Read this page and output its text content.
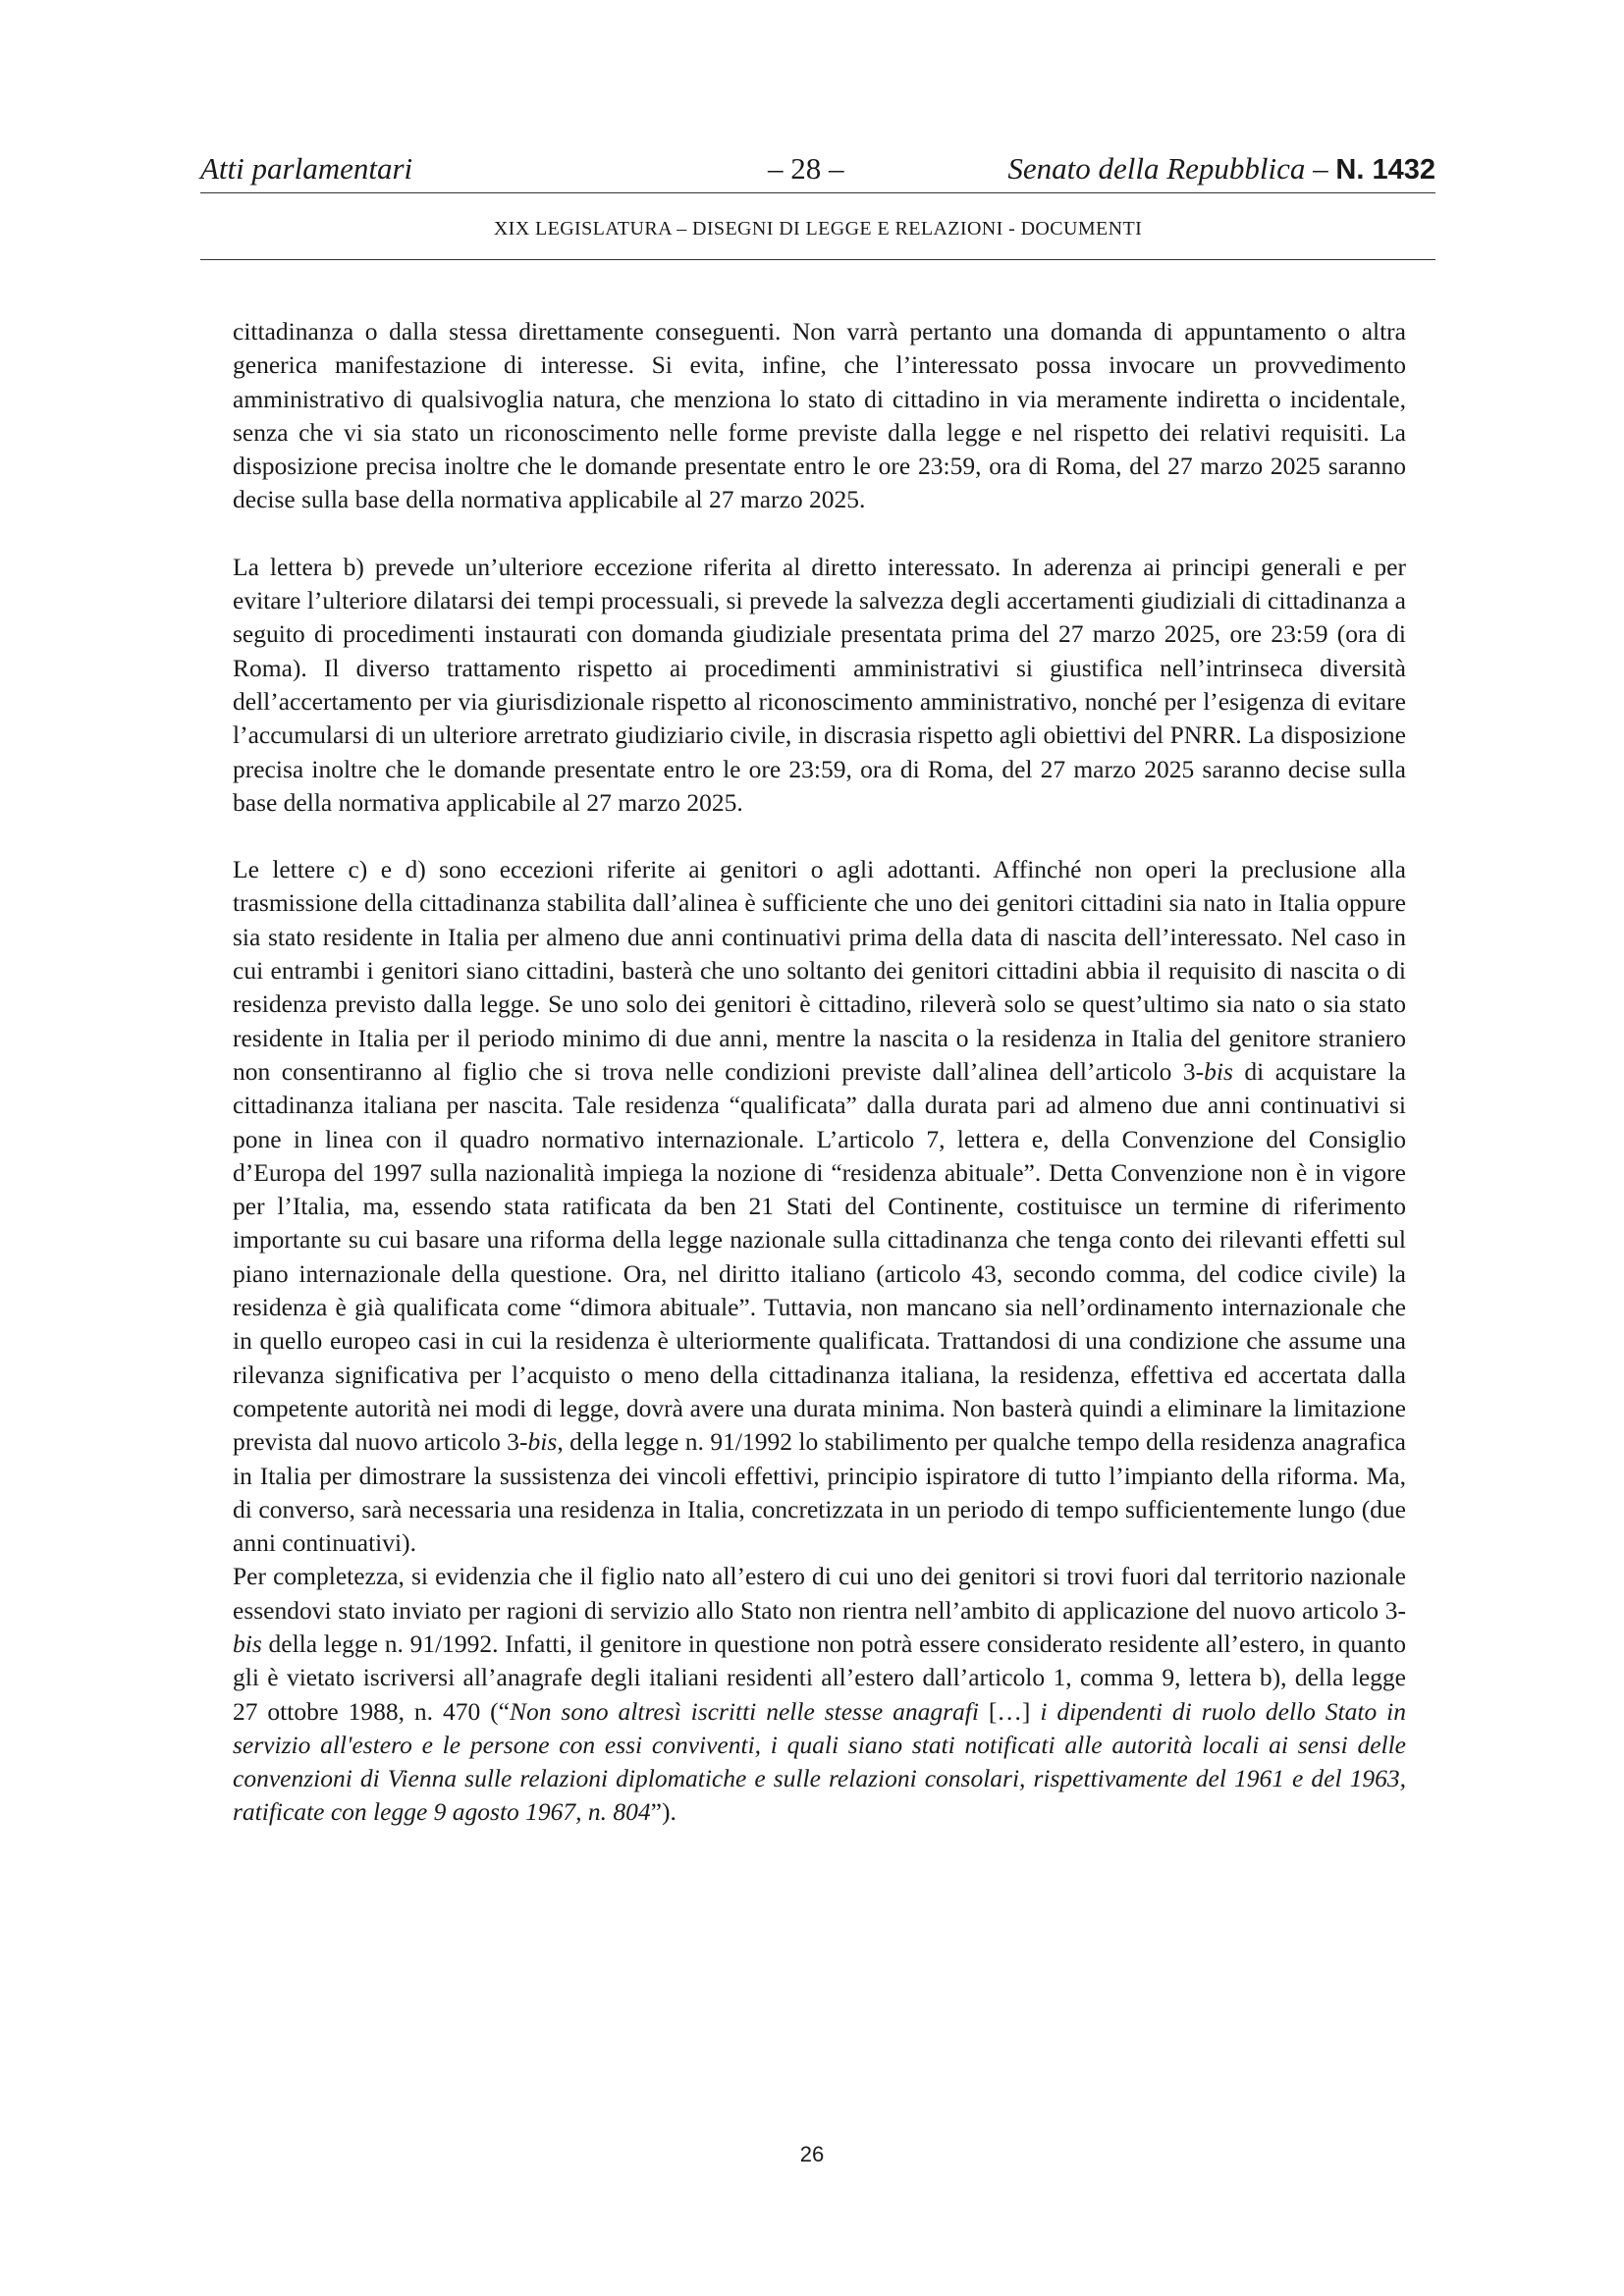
Atti parlamentari	– 28 –	Senato della Repubblica – N. 1432
XIX LEGISLATURA – DISEGNI DI LEGGE E RELAZIONI - DOCUMENTI

cittadinanza o dalla stessa direttamente conseguenti. Non varrà pertanto una domanda di appuntamento o altra generica manifestazione di interesse. Si evita, infine, che l’interessato possa invocare un provvedimento amministrativo di qualsivoglia natura, che menziona lo stato di cittadino in via meramente indiretta o incidentale, senza che vi sia stato un riconoscimento nelle forme previste dalla legge e nel rispetto dei relativi requisiti. La disposizione precisa inoltre che le domande presentate entro le ore 23:59, ora di Roma, del 27 marzo 2025 saranno decise sulla base della normativa applicabile al 27 marzo 2025.

La lettera b) prevede un’ulteriore eccezione riferita al diretto interessato. In aderenza ai principi generali e per evitare l’ulteriore dilatarsi dei tempi processuali, si prevede la salvezza degli accertamenti giudiziali di cittadinanza a seguito di procedimenti instaurati con domanda giudiziale presentata prima del 27 marzo 2025, ore 23:59 (ora di Roma). Il diverso trattamento rispetto ai procedimenti amministrativi si giustifica nell’intrinseca diversità dell’accertamento per via giurisdizionale rispetto al riconoscimento amministrativo, nonché per l’esigenza di evitare l’accumularsi di un ulteriore arretrato giudiziario civile, in discrasia rispetto agli obiettivi del PNRR. La disposizione precisa inoltre che le domande presentate entro le ore 23:59, ora di Roma, del 27 marzo 2025 saranno decise sulla base della normativa applicabile al 27 marzo 2025.

Le lettere c) e d) sono eccezioni riferite ai genitori o agli adottanti. Affinché non operi la preclusione alla trasmissione della cittadinanza stabilita dall’alinea è sufficiente che uno dei genitori cittadini sia nato in Italia oppure sia stato residente in Italia per almeno due anni continuativi prima della data di nascita dell’interessato. Nel caso in cui entrambi i genitori siano cittadini, basterà che uno soltanto dei genitori cittadini abbia il requisito di nascita o di residenza previsto dalla legge. Se uno solo dei genitori è cittadino, rileverà solo se quest’ultimo sia nato o sia stato residente in Italia per il periodo minimo di due anni, mentre la nascita o la residenza in Italia del genitore straniero non consentiranno al figlio che si trova nelle condizioni previste dall’alinea dell’articolo 3-bis di acquistare la cittadinanza italiana per nascita. Tale residenza “qualificata” dalla durata pari ad almeno due anni continuativi si pone in linea con il quadro normativo internazionale. L’articolo 7, lettera e, della Convenzione del Consiglio d’Europa del 1997 sulla nazionalità impiega la nozione di “residenza abituale”. Detta Convenzione non è in vigore per l’Italia, ma, essendo stata ratificata da ben 21 Stati del Continente, costituisce un termine di riferimento importante su cui basare una riforma della legge nazionale sulla cittadinanza che tenga conto dei rilevanti effetti sul piano internazionale della questione. Ora, nel diritto italiano (articolo 43, secondo comma, del codice civile) la residenza è già qualificata come “dimora abituale”. Tuttavia, non mancano sia nell’ordinamento internazionale che in quello europeo casi in cui la residenza è ulteriormente qualificata. Trattandosi di una condizione che assume una rilevanza significativa per l’acquisto o meno della cittadinanza italiana, la residenza, effettiva ed accertata dalla competente autorità nei modi di legge, dovrà avere una durata minima. Non basterà quindi a eliminare la limitazione prevista dal nuovo articolo 3-bis, della legge n. 91/1992 lo stabilimento per qualche tempo della residenza anagrafica in Italia per dimostrare la sussistenza dei vincoli effettivi, principio ispiratore di tutto l’impianto della riforma. Ma, di converso, sarà necessaria una residenza in Italia, concretizzata in un periodo di tempo sufficientemente lungo (due anni continuativi).

Per completezza, si evidenzia che il figlio nato all’estero di cui uno dei genitori si trovi fuori dal territorio nazionale essendovi stato inviato per ragioni di servizio allo Stato non rientra nell’ambito di applicazione del nuovo articolo 3-bis della legge n. 91/1992. Infatti, il genitore in questione non potrà essere considerato residente all’estero, in quanto gli è vietato iscriversi all’anagrafe degli italiani residenti all’estero dall’articolo 1, comma 9, lettera b), della legge 27 ottobre 1988, n. 470 (“Non sono altresì iscritti nelle stesse anagrafi […] i dipendenti di ruolo dello Stato in servizio all'estero e le persone con essi conviventi, i quali siano stati notificati alle autorità locali ai sensi delle convenzioni di Vienna sulle relazioni diplomatiche e sulle relazioni consolari, rispettivamente del 1961 e del 1963, ratificate con legge 9 agosto 1967, n. 804”).

26
